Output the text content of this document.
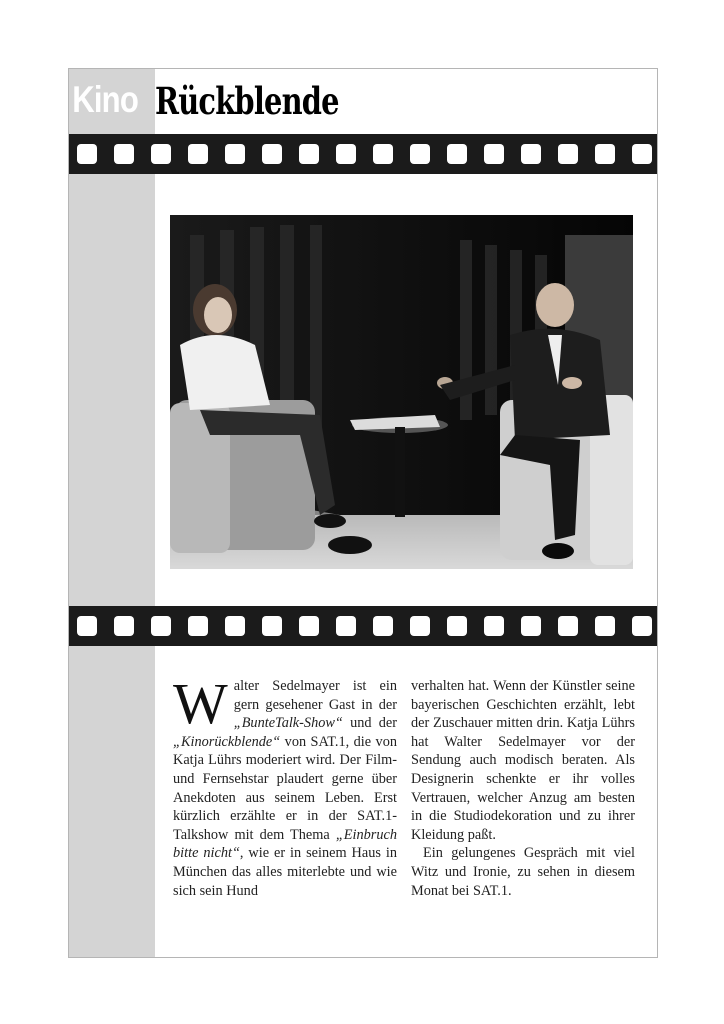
Kino Rückblende

Walter Sedelmayer ist ein gern gesehener Gast in der „BunteTalk-Show“ und der „Kinorückblende“ von SAT.1, die von Katja Lührs moderiert wird. Der Film- und Fernsehstar plaudert gerne über Anekdoten aus seinem Leben. Erst kürzlich erzählte er in der SAT.1-Talkshow mit dem Thema „Einbruch bitte nicht“, wie er in seinem Haus in München das alles miterlebte und wie sich sein Hund

verhalten hat. Wenn der Künstler seine bayerischen Geschichten erzählt, lebt der Zuschauer mitten drin. Katja Lührs hat Walter Sedelmayer vor der Sendung auch modisch beraten. Als Designerin schenkte er ihr volles Vertrauen, welcher Anzug am besten in die Studiodekoration und zu ihrer Kleidung paßt.

Ein gelungenes Gespräch mit viel Witz und Ironie, zu sehen in diesem Monat bei SAT.1.
